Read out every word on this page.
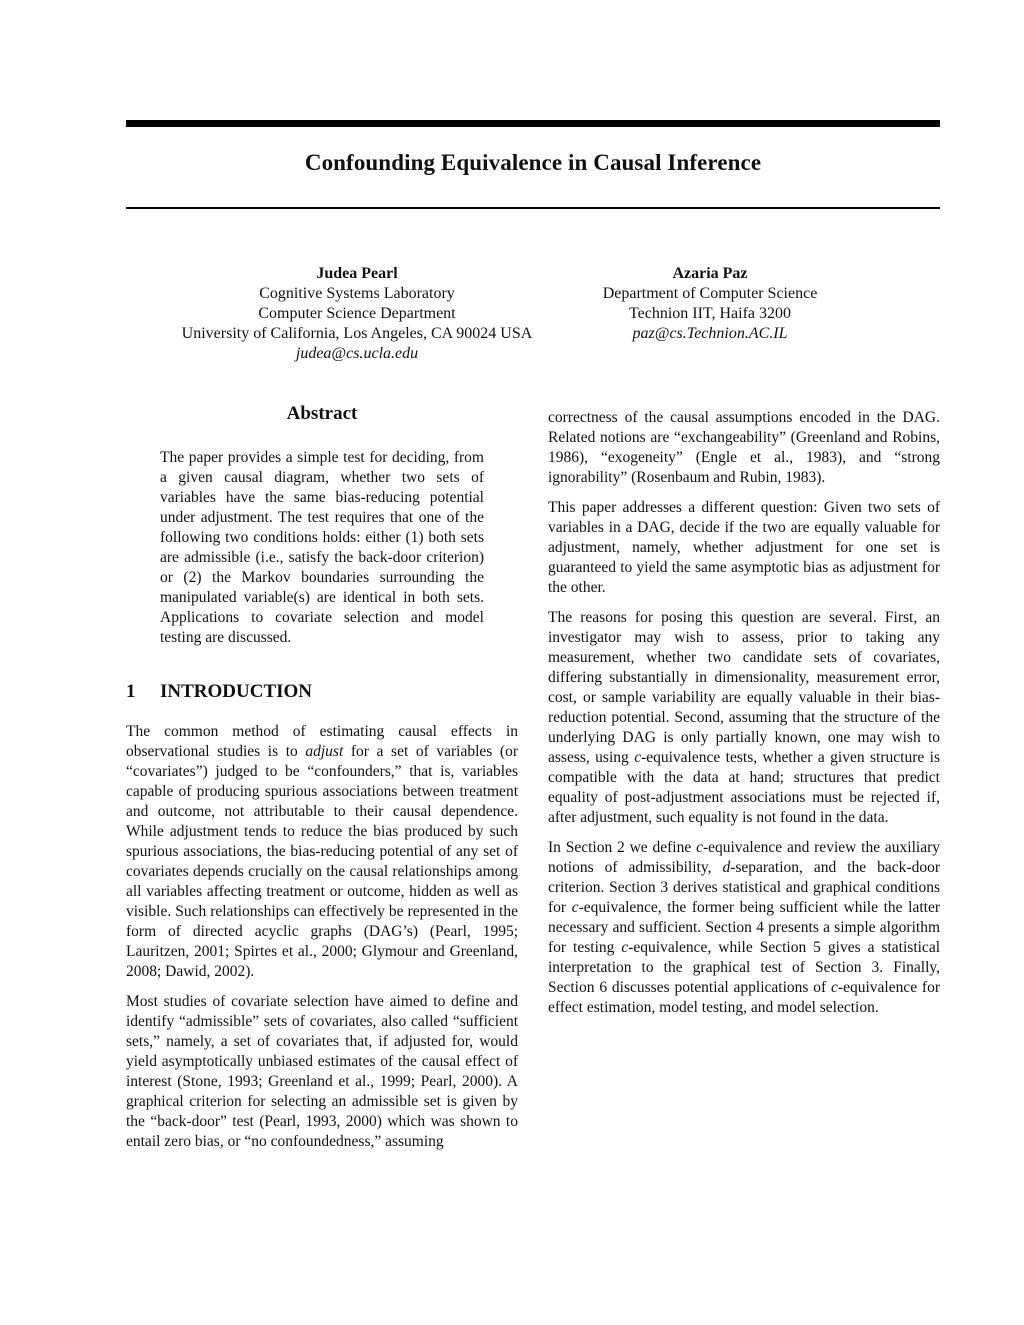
Confounding Equivalence in Causal Inference
Judea Pearl
Cognitive Systems Laboratory
Computer Science Department
University of California, Los Angeles, CA 90024 USA
judea@cs.ucla.edu
Azaria Paz
Department of Computer Science
Technion IIT, Haifa 3200
paz@cs.Technion.AC.IL
Abstract

The paper provides a simple test for deciding, from a given causal diagram, whether two sets of variables have the same bias-reducing potential under adjustment. The test requires that one of the following two conditions holds: either (1) both sets are admissible (i.e., satisfy the back-door criterion) or (2) the Markov boundaries surrounding the manipulated variable(s) are identical in both sets. Applications to covariate selection and model testing are discussed.

1 INTRODUCTION

The common method of estimating causal effects in observational studies is to adjust for a set of variables (or “covariates”) judged to be “confounders,” that is, variables capable of producing spurious associations between treatment and outcome, not attributable to their causal dependence. While adjustment tends to reduce the bias produced by such spurious associations, the bias-reducing potential of any set of covariates depends crucially on the causal relationships among all variables affecting treatment or outcome, hidden as well as visible. Such relationships can effectively be represented in the form of directed acyclic graphs (DAG’s) (Pearl, 1995; Lauritzen, 2001; Spirtes et al., 2000; Glymour and Greenland, 2008; Dawid, 2002).

Most studies of covariate selection have aimed to define and identify “admissible” sets of covariates, also called “sufficient sets,” namely, a set of covariates that, if adjusted for, would yield asymptotically unbiased estimates of the causal effect of interest (Stone, 1993; Greenland et al., 1999; Pearl, 2000). A graphical criterion for selecting an admissible set is given by the “back-door” test (Pearl, 1993, 2000) which was shown to entail zero bias, or “no confoundedness,” assuming

correctness of the causal assumptions encoded in the DAG. Related notions are “exchangeability” (Greenland and Robins, 1986), “exogeneity” (Engle et al., 1983), and “strong ignorability” (Rosenbaum and Rubin, 1983).

This paper addresses a different question: Given two sets of variables in a DAG, decide if the two are equally valuable for adjustment, namely, whether adjustment for one set is guaranteed to yield the same asymptotic bias as adjustment for the other.

The reasons for posing this question are several. First, an investigator may wish to assess, prior to taking any measurement, whether two candidate sets of covariates, differing substantially in dimensionality, measurement error, cost, or sample variability are equally valuable in their bias-reduction potential. Second, assuming that the structure of the underlying DAG is only partially known, one may wish to assess, using c-equivalence tests, whether a given structure is compatible with the data at hand; structures that predict equality of post-adjustment associations must be rejected if, after adjustment, such equality is not found in the data.

In Section 2 we define c-equivalence and review the auxiliary notions of admissibility, d-separation, and the back-door criterion. Section 3 derives statistical and graphical conditions for c-equivalence, the former being sufficient while the latter necessary and sufficient. Section 4 presents a simple algorithm for testing c-equivalence, while Section 5 gives a statistical interpretation to the graphical test of Section 3. Finally, Section 6 discusses potential applications of c-equivalence for effect estimation, model testing, and model selection.
